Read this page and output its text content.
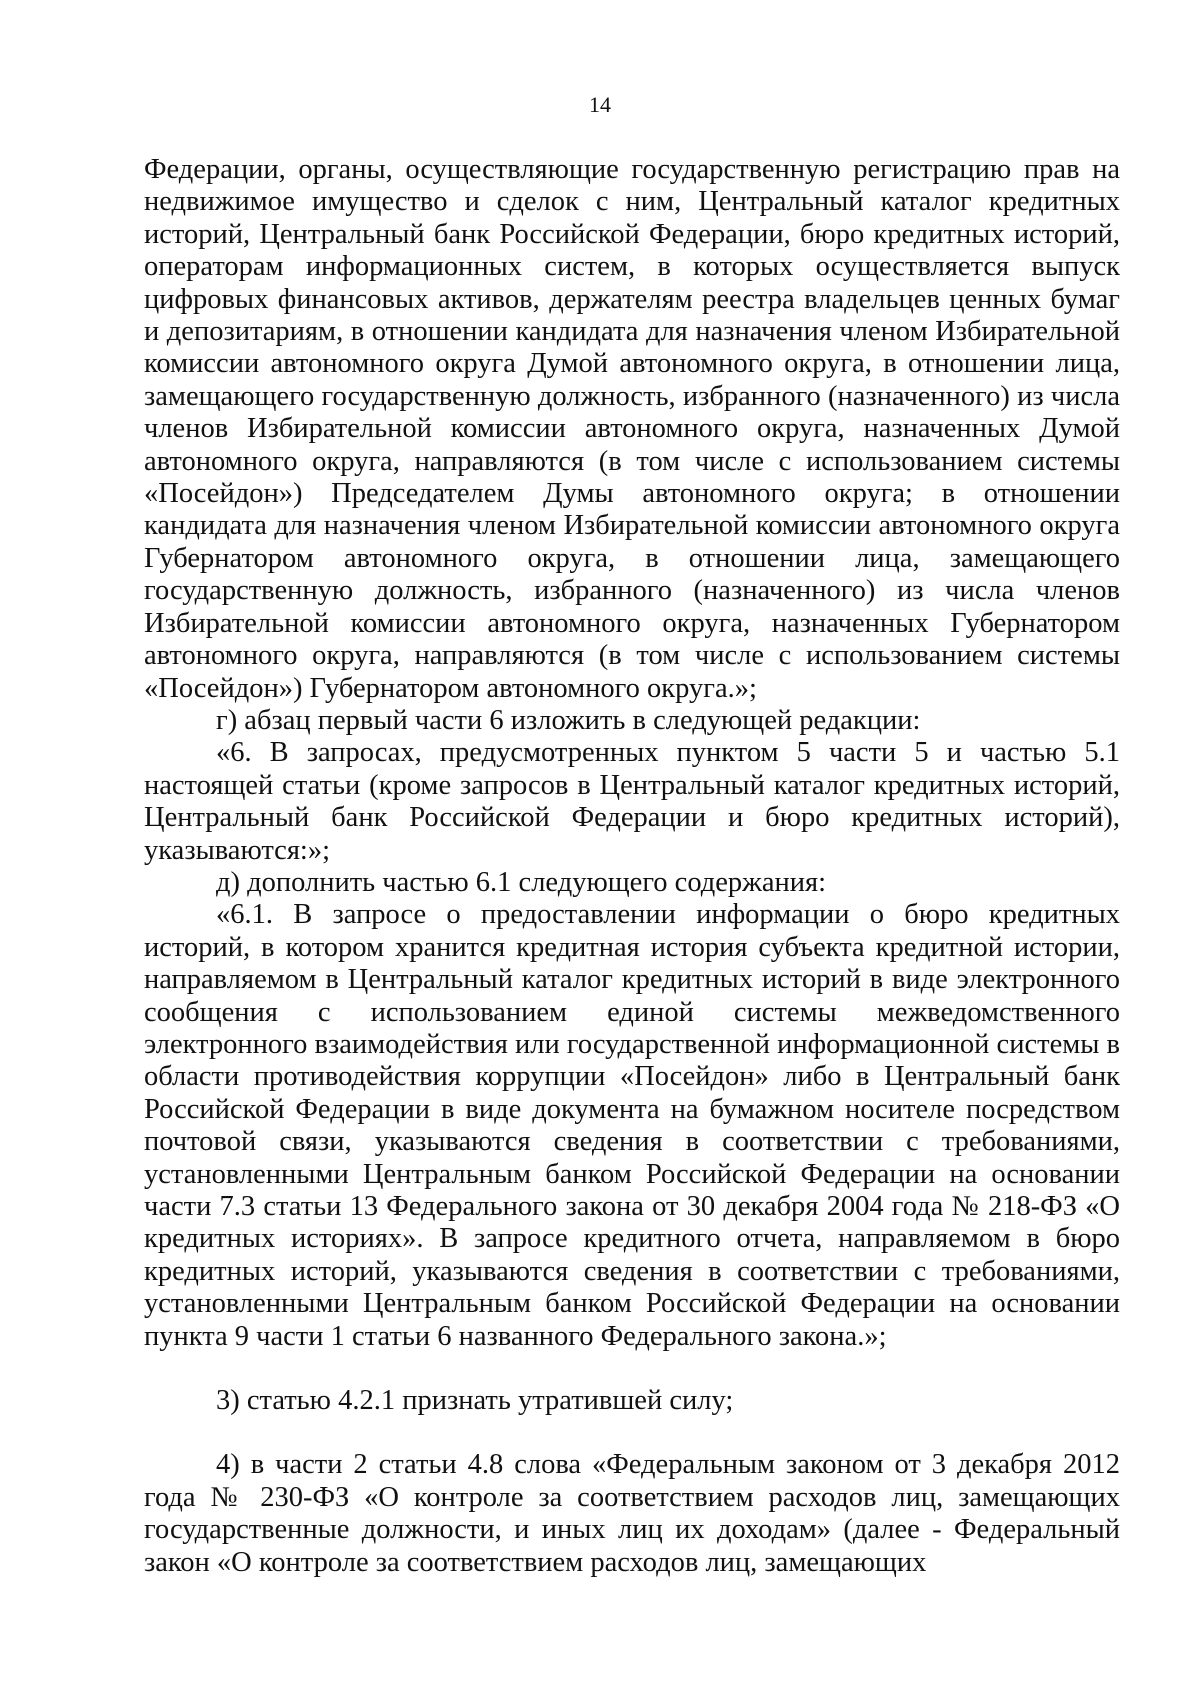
14

Федерации, органы, осуществляющие государственную регистрацию прав на недвижимое имущество и сделок с ним, Центральный каталог кредитных историй, Центральный банк Российской Федерации, бюро кредитных историй, операторам информационных систем, в которых осуществляется выпуск цифровых финансовых активов, держателям реестра владельцев ценных бумаг и депозитариям, в отношении кандидата для назначения членом Избирательной комиссии автономного округа Думой автономного округа, в отношении лица, замещающего государственную должность, избранного (назначенного) из числа членов Избирательной комиссии автономного округа, назначенных Думой автономного округа, направляются (в том числе с использованием системы «Посейдон») Председателем Думы автономного округа; в отношении кандидата для назначения членом Избирательной комиссии автономного округа Губернатором автономного округа, в отношении лица, замещающего государственную должность, избранного (назначенного) из числа членов Избирательной комиссии автономного округа, назначенных Губернатором автономного округа, направляются (в том числе с использованием системы «Посейдон») Губернатором автономного округа.»;

г) абзац первый части 6 изложить в следующей редакции:

«6. В запросах, предусмотренных пунктом 5 части 5 и частью 5.1 настоящей статьи (кроме запросов в Центральный каталог кредитных историй, Центральный банк Российской Федерации и бюро кредитных историй), указываются:»;

д) дополнить частью 6.1 следующего содержания:

«6.1. В запросе о предоставлении информации о бюро кредитных историй, в котором хранится кредитная история субъекта кредитной истории, направляемом в Центральный каталог кредитных историй в виде электронного сообщения с использованием единой системы межведомственного электронного взаимодействия или государственной информационной системы в области противодействия коррупции «Посейдон» либо в Центральный банк Российской Федерации в виде документа на бумажном носителе посредством почтовой связи, указываются сведения в соответствии с требованиями, установленными Центральным банком Российской Федерации на основании части 7.3 статьи 13 Федерального закона от 30 декабря 2004 года № 218-ФЗ «О кредитных историях». В запросе кредитного отчета, направляемом в бюро кредитных историй, указываются сведения в соответствии с требованиями, установленными Центральным банком Российской Федерации на основании пункта 9 части 1 статьи 6 названного Федерального закона.»;

3) статью 4.2.1 признать утратившей силу;

4) в части 2 статьи 4.8 слова «Федеральным законом от 3 декабря 2012 года № 230-ФЗ «О контроле за соответствием расходов лиц, замещающих государственные должности, и иных лиц их доходам» (далее - Федеральный закон «О контроле за соответствием расходов лиц, замещающих
